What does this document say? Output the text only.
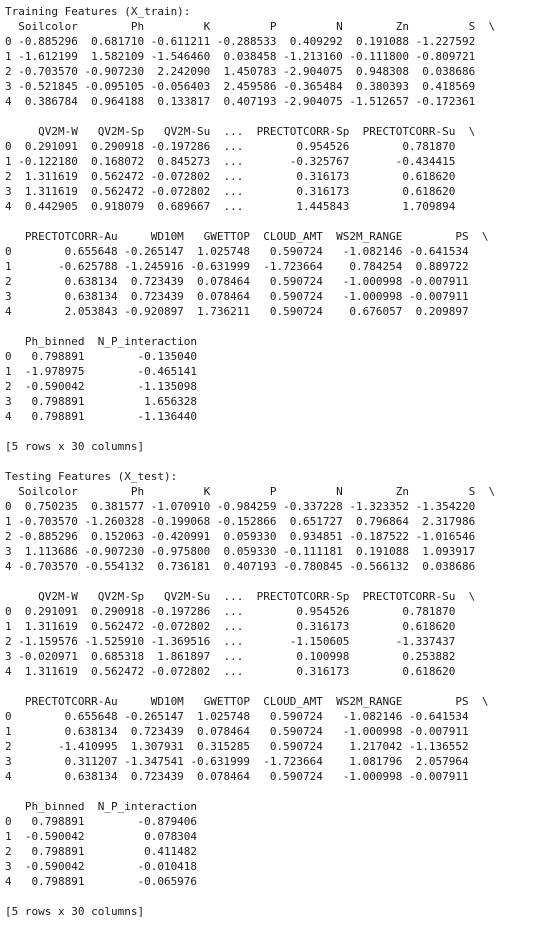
Training Features (X_train):
Soilcolor        Ph         K         P         N        Zn         S  \
0 -0.885296  0.681710 -0.611211 -0.288533  0.409292  0.191088 -1.227592
1 -1.612199  1.582109 -1.546460  0.038458 -1.213160 -0.111800 -0.809721
2 -0.703570 -0.907230  2.242090  1.450783 -2.904075  0.948308  0.038686
3 -0.521845 -0.095105 -0.056403  2.459586 -0.365484  0.380393  0.418569
4  0.386784  0.964188  0.133817  0.407193 -2.904075 -1.512657 -0.172361
QV2M-W   QV2M-Sp   QV2M-Su  ...  PRECTOTCORR-Sp  PRECTOTCORR-Su  \
0  0.291091  0.290918 -0.197286  ...        0.954526        0.781870
1 -0.122180  0.168072  0.845273  ...       -0.325767       -0.434415
2  1.311619  0.562472 -0.072802  ...        0.316173        0.618620
3  1.311619  0.562472 -0.072802  ...        0.316173        0.618620
4  0.442905  0.918079  0.689667  ...        1.445843        1.709894
PRECTOTCORR-Au     WD10M   GWETTOP  CLOUD_AMT  WS2M_RANGE        PS  \
0        0.655648 -0.265147  1.025748   0.590724   -1.082146 -0.641534
1       -0.625788 -1.245916 -0.631999  -1.723664    0.784254  0.889722
2        0.638134  0.723439  0.078464   0.590724   -1.000998 -0.007911
3        0.638134  0.723439  0.078464   0.590724   -1.000998 -0.007911
4        2.053843 -0.920897  1.736211   0.590724    0.676057  0.209897
Ph_binned  N_P_interaction
0   0.798891        -0.135040
1  -1.978975        -0.465141
2  -0.590042        -1.135098
3   0.798891         1.656328
4   0.798891        -1.136440
[5 rows x 30 columns]
Testing Features (X_test):
Soilcolor        Ph         K         P         N        Zn         S  \
0  0.750235  0.381577 -1.070910 -0.984259 -0.337228 -1.323352 -1.354220
1 -0.703570 -1.260328 -0.199068 -0.152866  0.651727  0.796864  2.317986
2 -0.885296  0.152063 -0.420991  0.059330  0.934851 -0.187522 -1.016546
3  1.113686 -0.907230 -0.975800  0.059330 -0.111181  0.191088  1.093917
4 -0.703570 -0.554132  0.736181  0.407193 -0.780845 -0.566132  0.038686
QV2M-W   QV2M-Sp   QV2M-Su  ...  PRECTOTCORR-Sp  PRECTOTCORR-Su  \
0  0.291091  0.290918 -0.197286  ...        0.954526        0.781870
1  1.311619  0.562472 -0.072802  ...        0.316173        0.618620
2 -1.159576 -1.525910 -1.369516  ...       -1.150605       -1.337437
3 -0.020971  0.685318  1.861897  ...        0.100998        0.253882
4  1.311619  0.562472 -0.072802  ...        0.316173        0.618620
PRECTOTCORR-Au     WD10M   GWETTOP  CLOUD_AMT  WS2M_RANGE        PS  \
0        0.655648 -0.265147  1.025748   0.590724   -1.082146 -0.641534
1        0.638134  0.723439  0.078464   0.590724   -1.000998 -0.007911
2       -1.410995  1.307931  0.315285   0.590724    1.217042 -1.136552
3        0.311207 -1.347541 -0.631999  -1.723664    1.081796  2.057964
4        0.638134  0.723439  0.078464   0.590724   -1.000998 -0.007911
Ph_binned  N_P_interaction
0   0.798891        -0.879406
1  -0.590042         0.078304
2   0.798891         0.411482
3  -0.590042        -0.010418
4   0.798891        -0.065976
[5 rows x 30 columns]
